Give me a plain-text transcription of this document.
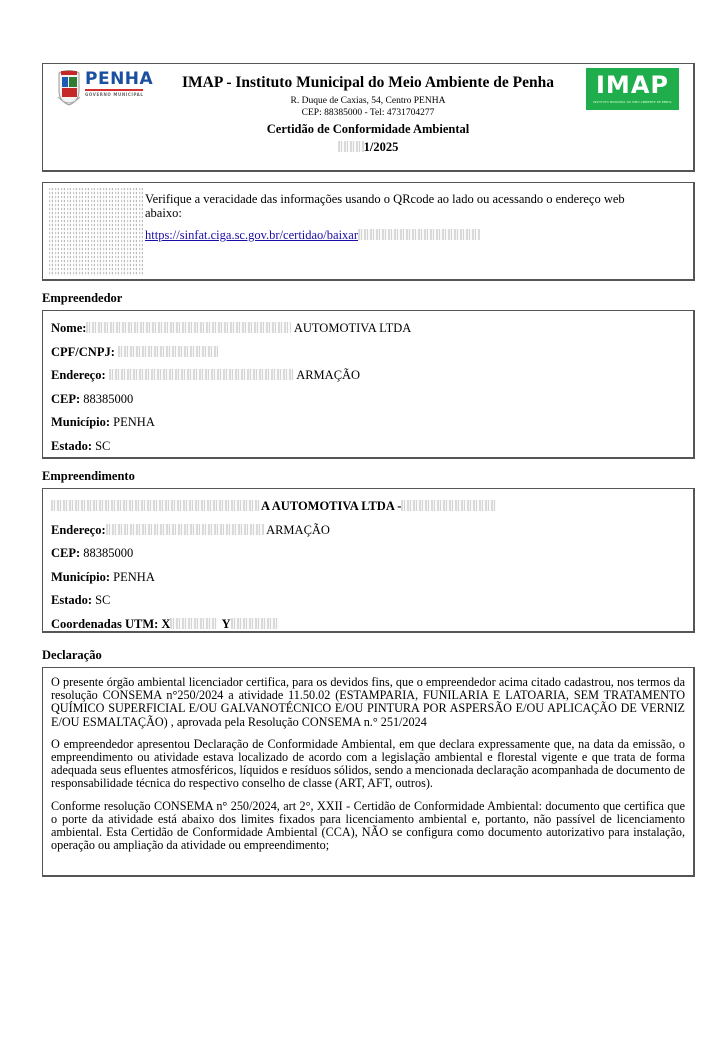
PENHA
GOVERNO MUNICIPAL
IMAP - Instituto Municipal do Meio Ambiente de Penha
R. Duque de Caxias, 54, Centro PENHA
CEP: 88385000 - Tel: 4731704277
Certidão de Conformidade Ambiental
1/2025
IMAP
INSTITUTO MUNICIPAL DO MEIO AMBIENTE DE PENHA
Verifique a veracidade das informações usando o QRcode ao lado ou acessando o endereço web abaixo:
https://sinfat.ciga.sc.gov.br/certidao/baixar
Empreendedor
Nome:	AUTOMOTIVA LTDA
CPF/CNPJ:
Endereço:	ARMAÇÃO
CEP: 88385000
Município: PENHA
Estado: SC
Empreendimento
A AUTOMOTIVA LTDA -
Endereço:	ARMAÇÃO
CEP: 88385000
Município: PENHA
Estado: SC
Coordenadas UTM: X	Y
Declaração

O presente órgão ambiental licenciador certifica, para os devidos fins, que o empreendedor acima citado cadastrou, nos termos da resolução CONSEMA n°250/2024 a atividade 11.50.02 (ESTAMPARIA, FUNILARIA E LATOARIA, SEM TRATAMENTO QUÍMICO SUPERFICIAL E/OU GALVANOTÉCNICO E/OU PINTURA POR ASPERSÃO E/OU APLICAÇÃO DE VERNIZ E/OU ESMALTAÇÃO) , aprovada pela Resolução CONSEMA n.° 251/2024

O empreendedor apresentou Declaração de Conformidade Ambiental, em que declara expressamente que, na data da emissão, o empreendimento ou atividade estava localizado de acordo com a legislação ambiental e florestal vigente e que trata de forma adequada seus efluentes atmosféricos, líquidos e resíduos sólidos, sendo a mencionada declaração acompanhada de documento de responsabilidade técnica do respectivo conselho de classe (ART, AFT, outros).

Conforme resolução CONSEMA n° 250/2024, art 2°, XXII - Certidão de Conformidade Ambiental: documento que certifica que o porte da atividade está abaixo dos limites fixados para licenciamento ambiental e, portanto, não passível de licenciamento ambiental. Esta Certidão de Conformidade Ambiental (CCA), NÃO se configura como documento autorizativo para instalação, operação ou ampliação da atividade ou empreendimento;
